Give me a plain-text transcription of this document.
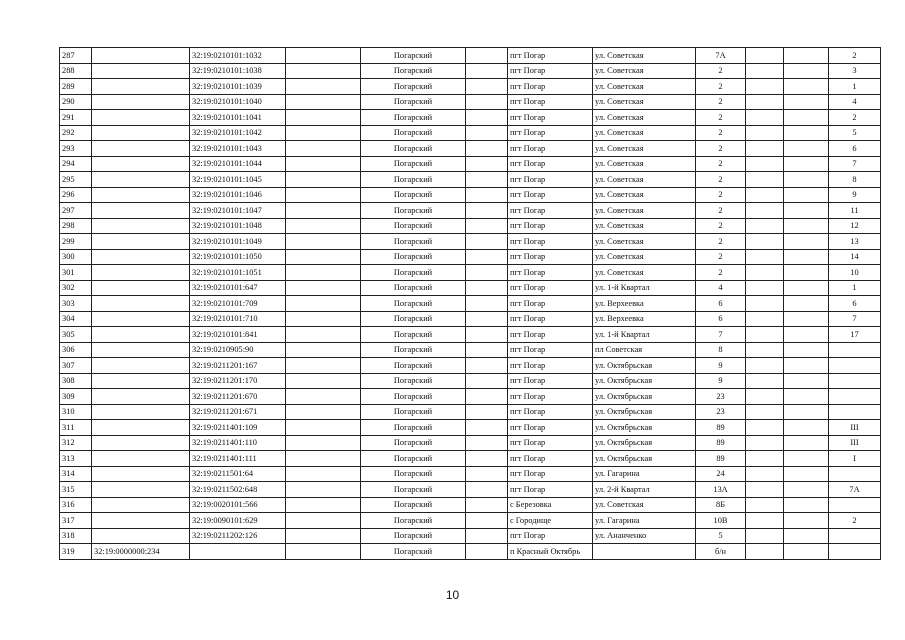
287		32:19:0210101:1032		Погарский		пгт Погар	ул. Советская	7А			2
288		32:19:0210101:1038		Погарский		пгт Погар	ул. Советская	2			3
289		32:19:0210101:1039		Погарский		пгт Погар	ул. Советская	2			1
290		32:19:0210101:1040		Погарский		пгт Погар	ул. Советская	2			4
291		32:19:0210101:1041		Погарский		пгт Погар	ул. Советская	2			2
292		32:19:0210101:1042		Погарский		пгт Погар	ул. Советская	2			5
293		32:19:0210101:1043		Погарский		пгт Погар	ул. Советская	2			6
294		32:19:0210101:1044		Погарский		пгт Погар	ул. Советская	2			7
295		32:19:0210101:1045		Погарский		пгт Погар	ул. Советская	2			8
296		32:19:0210101:1046		Погарский		пгт Погар	ул. Советская	2			9
297		32:19:0210101:1047		Погарский		пгт Погар	ул. Советская	2			11
298		32:19:0210101:1048		Погарский		пгт Погар	ул. Советская	2			12
299		32:19:0210101:1049		Погарский		пгт Погар	ул. Советская	2			13
300		32:19:0210101:1050		Погарский		пгт Погар	ул. Советская	2			14
301		32:19:0210101:1051		Погарский		пгт Погар	ул. Советская	2			10
302		32:19:0210101:647		Погарский		пгт Погар	ул. 1-й Квартал	4			1
303		32:19:0210101:709		Погарский		пгт Погар	ул. Верхеевка	6			6
304		32:19:0210101:710		Погарский		пгт Погар	ул. Верхеевка	6			7
305		32:19:0210101:841		Погарский		пгт Погар	ул. 1-й Квартал	7			17
306		32:19:0210905:90		Погарский		пгт Погар	пл Советская	8			
307		32:19:0211201:167		Погарский		пгт Погар	ул. Октябрьская	9			
308		32:19:0211201:170		Погарский		пгт Погар	ул. Октябрьская	9			
309		32:19:0211201:670		Погарский		пгт Погар	ул. Октябрьская	23			
310		32:19:0211201:671		Погарский		пгт Погар	ул. Октябрьская	23			
311		32:19:0211401:109		Погарский		пгт Погар	ул. Октябрьская	89			III
312		32:19:0211401:110		Погарский		пгт Погар	ул. Октябрьская	89			III
313		32:19:0211401:111		Погарский		пгт Погар	ул. Октябрьская	89			I
314		32:19:0211501:64		Погарский		пгт Погар	ул. Гагарина	24			
315		32:19:0211502:648		Погарский		пгт Погар	ул. 2-й Квартал	13А			7А
316		32:19:0020101:566		Погарский		с Березовка	ул. Советская	8Б			
317		32:19:0090101:629		Погарский		с Городище	ул. Гагарина	10В			2
318		32:19:0211202:126		Погарский		пгт Погар	ул. Ананченко	5			
319	32:19:0000000:234			Погарский		п Красный Октябрь		б/н			
10
